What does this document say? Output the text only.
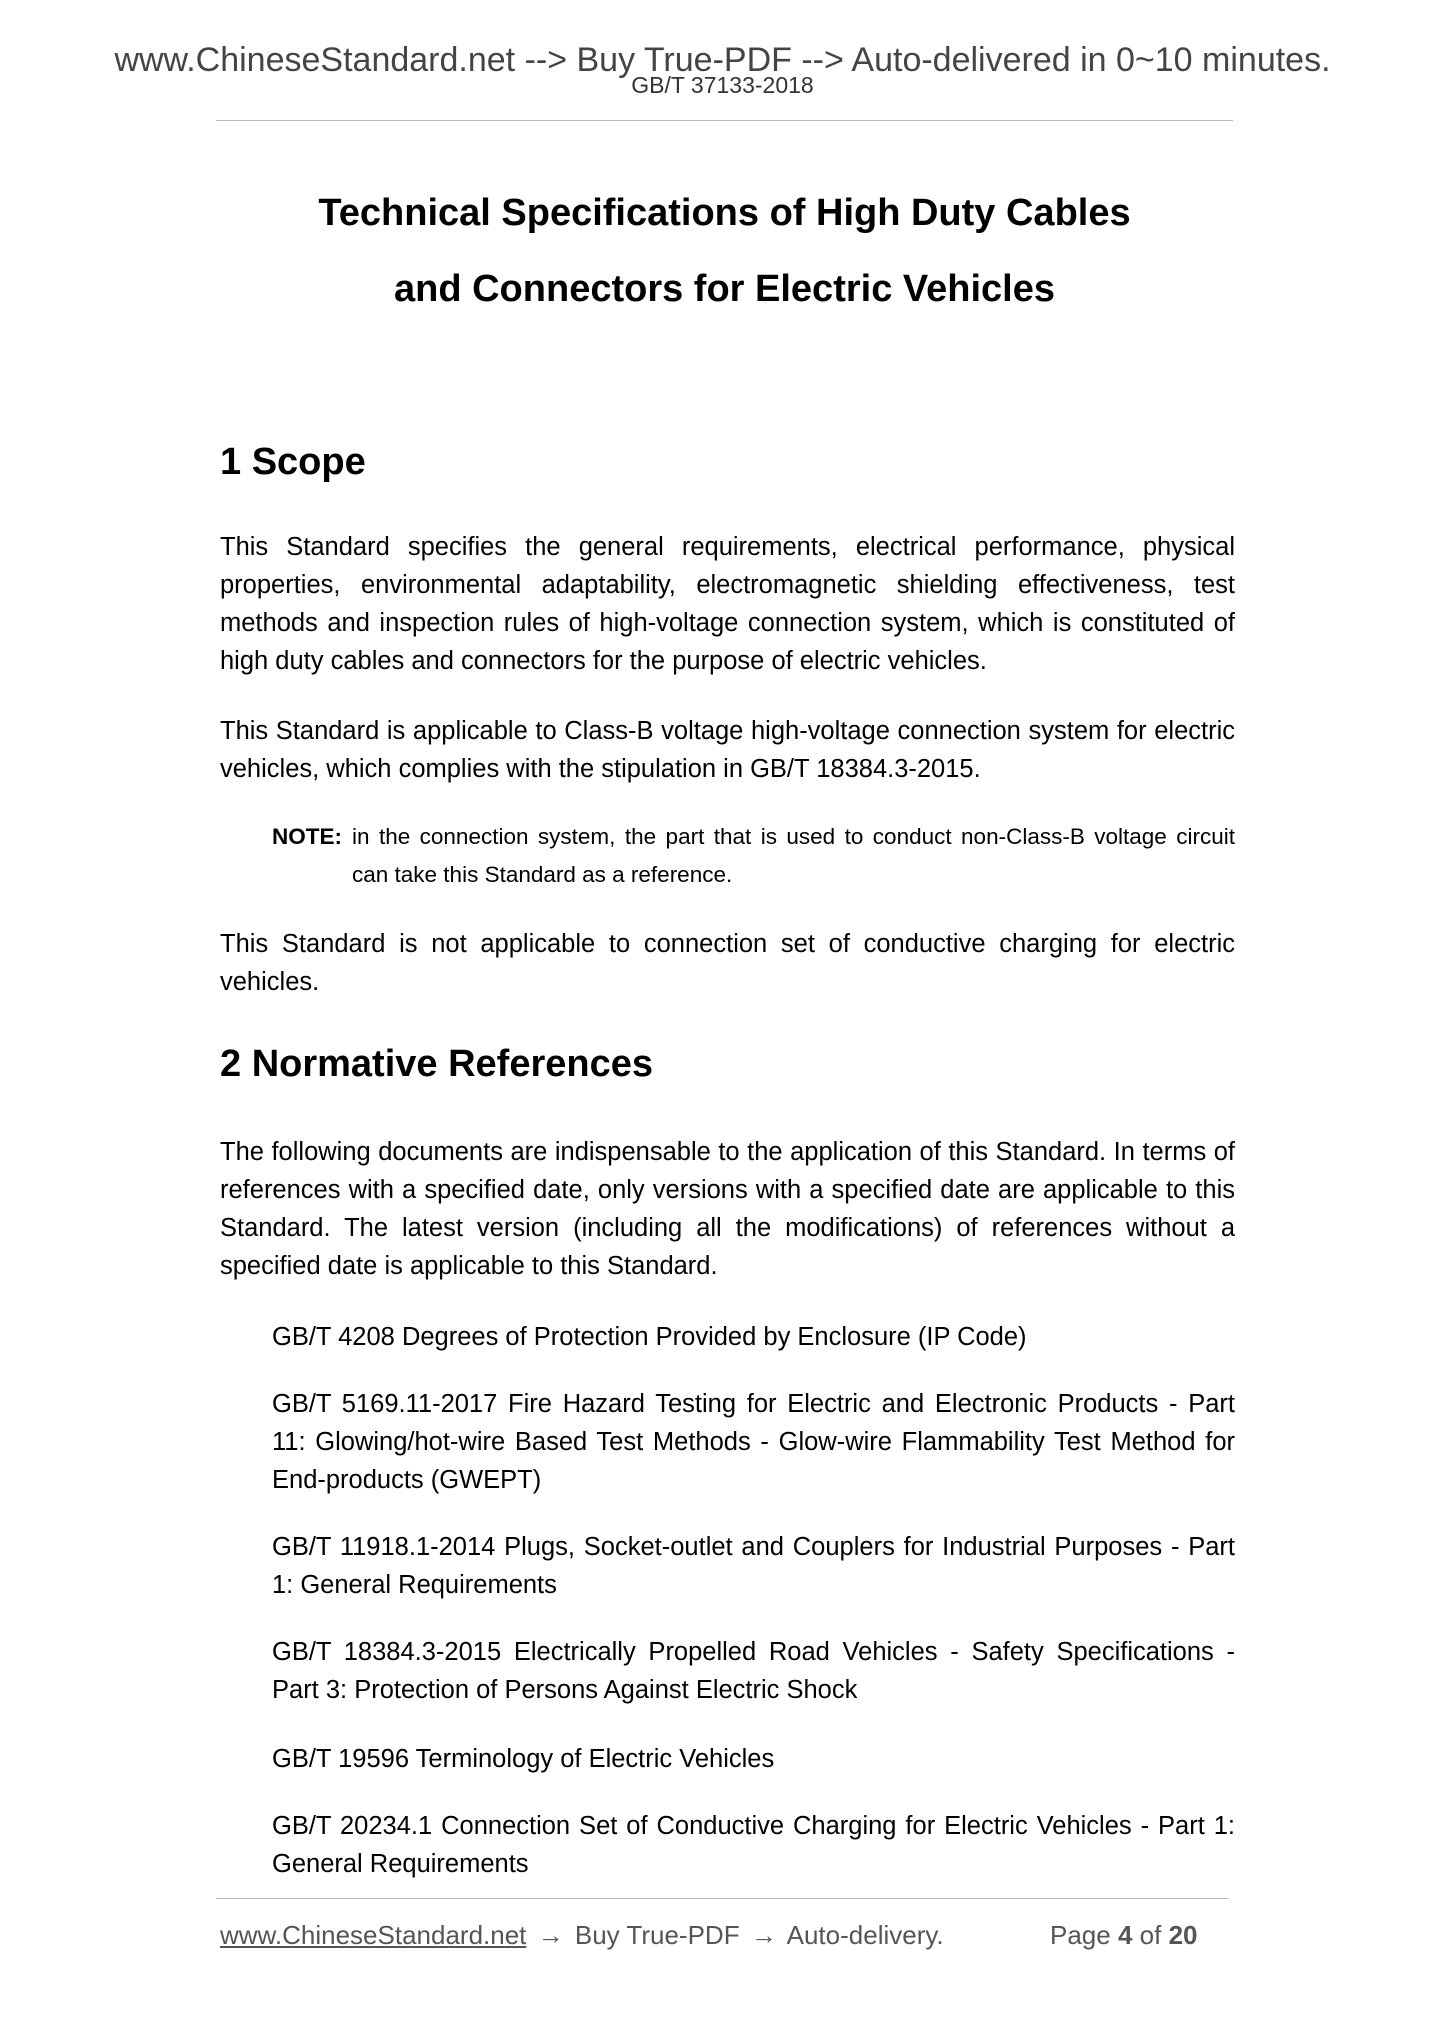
www.ChineseStandard.net --> Buy True-PDF --> Auto-delivered in 0~10 minutes.
GB/T 37133-2018
Technical Specifications of High Duty Cables
and Connectors for Electric Vehicles
1 Scope

This Standard specifies the general requirements, electrical performance, physical properties, environmental adaptability, electromagnetic shielding effectiveness, test methods and inspection rules of high-voltage connection system, which is constituted of high duty cables and connectors for the purpose of electric vehicles.

This Standard is applicable to Class-B voltage high-voltage connection system for electric vehicles, which complies with the stipulation in GB/T 18384.3-2015.

NOTE: in the connection system, the part that is used to conduct non-Class-B voltage circuit can take this Standard as a reference.

This Standard is not applicable to connection set of conductive charging for electric vehicles.

2 Normative References

The following documents are indispensable to the application of this Standard. In terms of references with a specified date, only versions with a specified date are applicable to this Standard. The latest version (including all the modifications) of references without a specified date is applicable to this Standard.

GB/T 4208 Degrees of Protection Provided by Enclosure (IP Code)

GB/T 5169.11-2017 Fire Hazard Testing for Electric and Electronic Products - Part 11: Glowing/hot-wire Based Test Methods - Glow-wire Flammability Test Method for End-products (GWEPT)

GB/T 11918.1-2014 Plugs, Socket-outlet and Couplers for Industrial Purposes - Part 1: General Requirements

GB/T 18384.3-2015 Electrically Propelled Road Vehicles - Safety Specifications - Part 3: Protection of Persons Against Electric Shock

GB/T 19596 Terminology of Electric Vehicles

GB/T 20234.1 Connection Set of Conductive Charging for Electric Vehicles - Part 1: General Requirements

www.ChineseStandard.net → Buy True-PDF → Auto-delivery.	Page 4 of 20
